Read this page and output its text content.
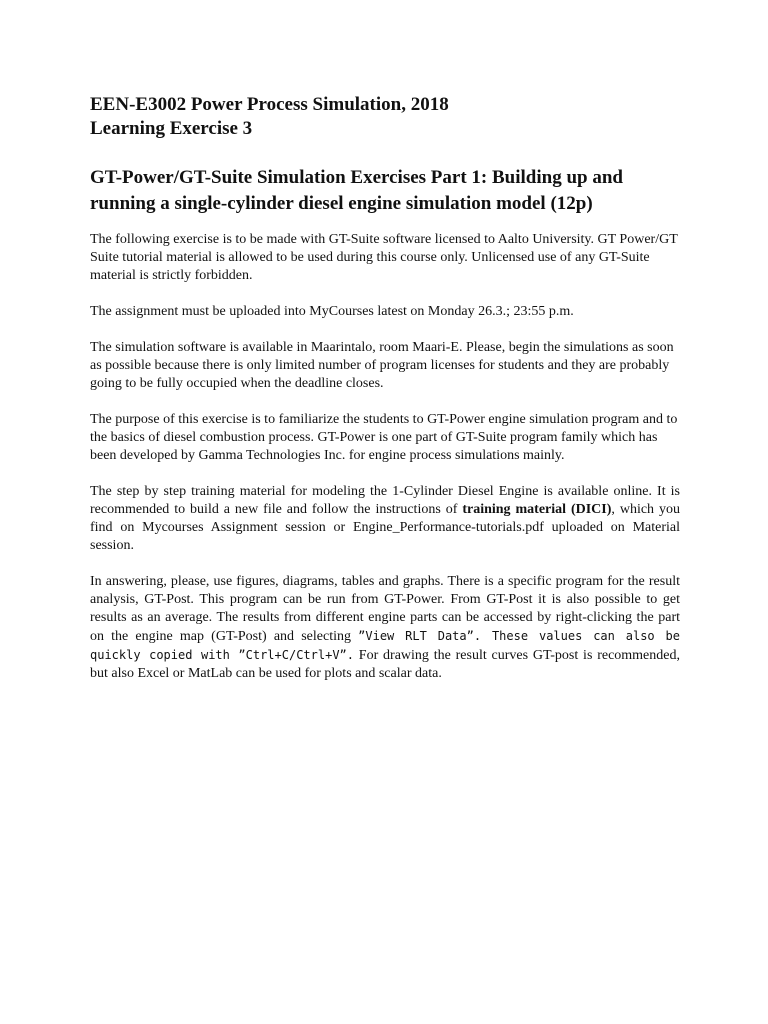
EEN-E3002 Power Process Simulation, 2018
Learning Exercise 3
GT-Power/GT-Suite Simulation Exercises Part 1: Building up and running a single-cylinder diesel engine simulation model (12p)

The following exercise is to be made with GT-Suite software licensed to Aalto University. GT Power/GT Suite tutorial material is allowed to be used during this course only. Unlicensed use of any GT-Suite material is strictly forbidden.

The assignment must be uploaded into MyCourses latest on Monday 26.3.; 23:55 p.m.

The simulation software is available in Maarintalo, room Maari-E. Please, begin the simulations as soon as possible because there is only limited number of program licenses for students and they are probably going to be fully occupied when the deadline closes.

The purpose of this exercise is to familiarize the students to GT-Power engine simulation program and to the basics of diesel combustion process. GT-Power is one part of GT-Suite program family which has been developed by Gamma Technologies Inc. for engine process simulations mainly.

The step by step training material for modeling the 1-Cylinder Diesel Engine is available online. It is recommended to build a new file and follow the instructions of training material (DICI), which you find on Mycourses Assignment session or Engine_Performance-tutorials.pdf uploaded on Material session.

In answering, please, use figures, diagrams, tables and graphs. There is a specific program for the result analysis, GT-Post. This program can be run from GT-Power. From GT-Post it is also possible to get results as an average. The results from different engine parts can be accessed by right-clicking the part on the engine map (GT-Post) and selecting ”View RLT Data”. These values can also be quickly copied with ”Ctrl+C/Ctrl+V”. For drawing the result curves GT-post is recommended, but also Excel or MatLab can be used for plots and scalar data.
